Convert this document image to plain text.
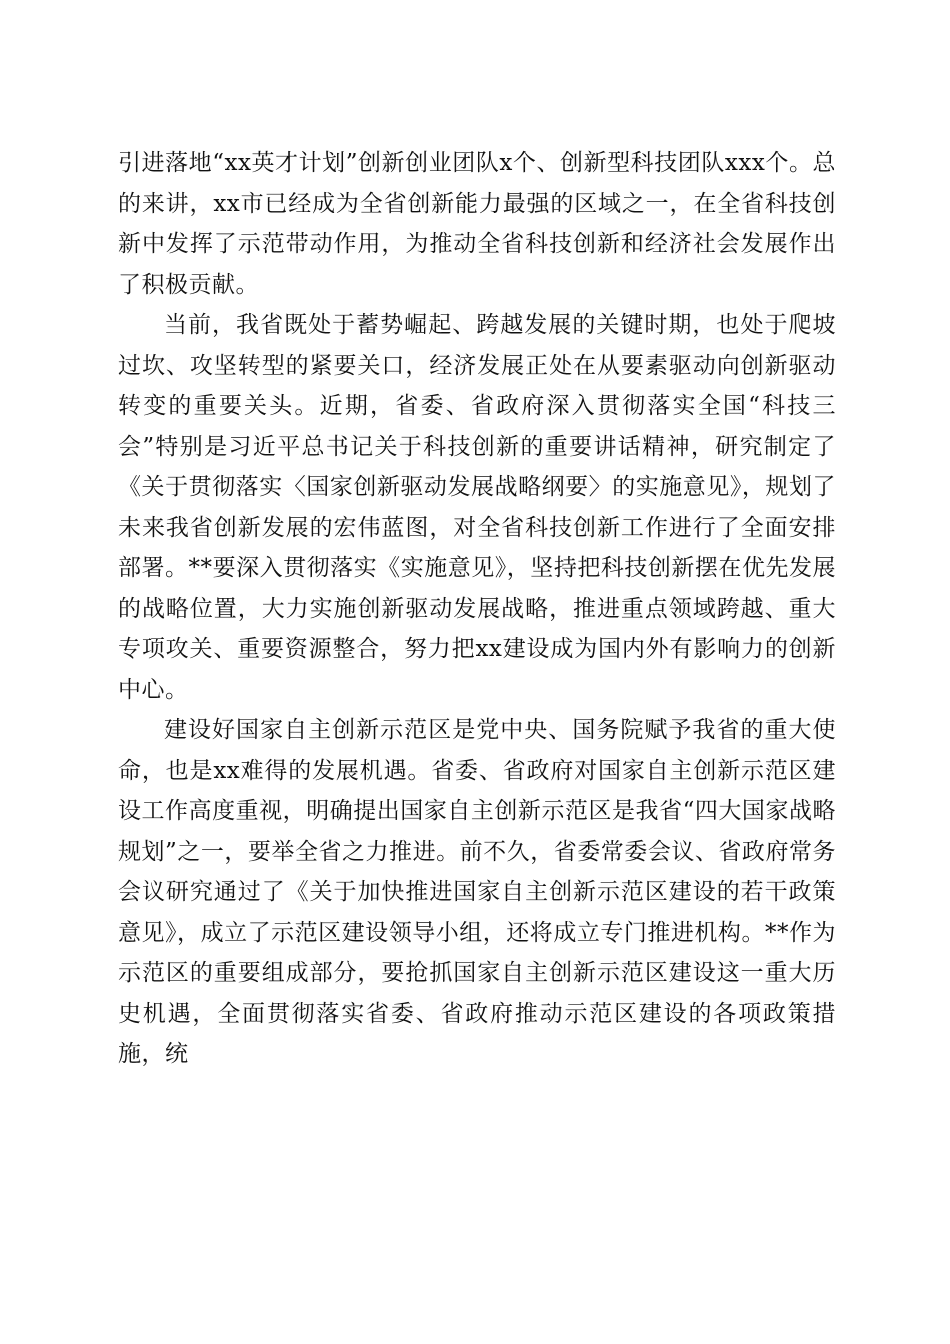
引进落地“xx英才计划”创新创业团队x个、创新型科技团队xxx个。总的来讲，xx市已经成为全省创新能力最强的区域之一，在全省科技创新中发挥了示范带动作用，为推动全省科技创新和经济社会发展作出了积极贡献。

当前，我省既处于蓄势崛起、跨越发展的关键时期，也处于爬坡过坎、攻坚转型的紧要关口，经济发展正处在从要素驱动向创新驱动转变的重要关头。近期，省委、省政府深入贯彻落实全国“科技三会”特别是习近平总书记关于科技创新的重要讲话精神，研究制定了《关于贯彻落实〈国家创新驱动发展战略纲要〉的实施意见》，规划了未来我省创新发展的宏伟蓝图，对全省科技创新工作进行了全面安排部署。**要深入贯彻落实《实施意见》，坚持把科技创新摆在优先发展的战略位置，大力实施创新驱动发展战略，推进重点领域跨越、重大专项攻关、重要资源整合，努力把xx建设成为国内外有影响力的创新中心。

建设好国家自主创新示范区是党中央、国务院赋予我省的重大使命，也是xx难得的发展机遇。省委、省政府对国家自主创新示范区建设工作高度重视，明确提出国家自主创新示范区是我省“四大国家战略规划”之一，要举全省之力推进。前不久，省委常委会议、省政府常务会议研究通过了《关于加快推进国家自主创新示范区建设的若干政策意见》，成立了示范区建设领导小组，还将成立专门推进机构。**作为示范区的重要组成部分，要抢抓国家自主创新示范区建设这一重大历史机遇，全面贯彻落实省委、省政府推动示范区建设的各项政策措施，统
